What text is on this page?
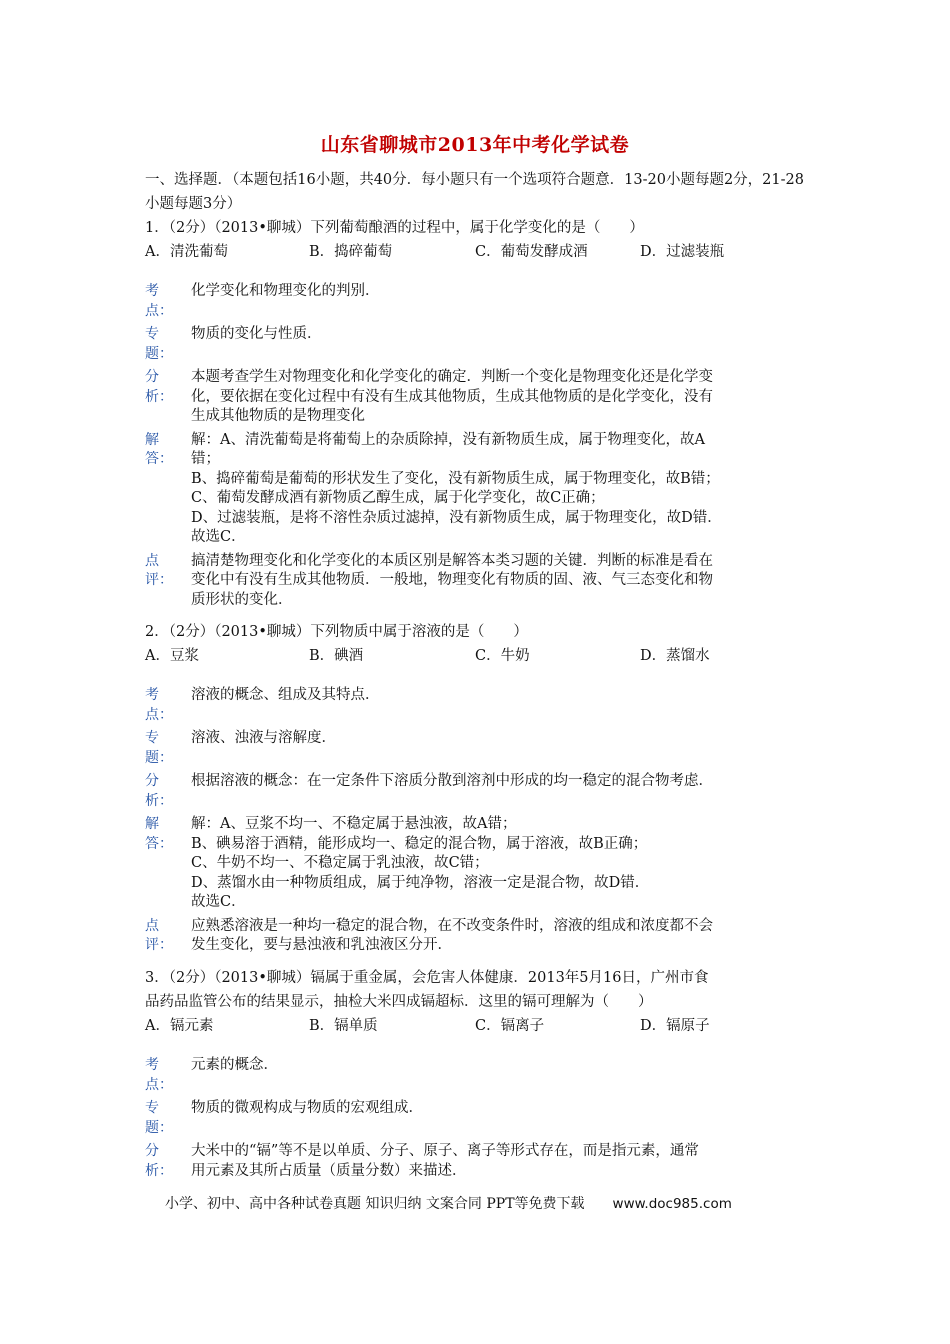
山东省聊城市2013年中考化学试卷
一、选择题．（本题包括16小题，共40分．每小题只有一个选项符合题意．13-20小题每题2分，21-28小题每题3分）
1．（2分）（2013•聊城）下列葡萄酿酒的过程中，属于化学变化的是（　　）
A．清洗葡萄	B．捣碎葡萄	C．葡萄发酵成酒	D．过滤装瓶
考点：
化学变化和物理变化的判别．
专题：
物质的变化与性质．
分析：
本题考查学生对物理变化和化学变化的确定．判断一个变化是物理变化还是化学变
化，要依据在变化过程中有没有生成其他物质，生成其他物质的是化学变化，没有
生成其他物质的是物理变化
解答：
解：A、清洗葡萄是将葡萄上的杂质除掉，没有新物质生成，属于物理变化，故A
错；
B、捣碎葡萄是葡萄的形状发生了变化，没有新物质生成，属于物理变化，故B错；
C、葡萄发酵成酒有新物质乙醇生成，属于化学变化，故C正确；
D、过滤装瓶，是将不溶性杂质过滤掉，没有新物质生成，属于物理变化，故D错．
故选C．
点评：
搞清楚物理变化和化学变化的本质区别是解答本类习题的关键．判断的标准是看在
变化中有没有生成其他物质．一般地，物理变化有物质的固、液、气三态变化和物
质形状的变化．
2．（2分）（2013•聊城）下列物质中属于溶液的是（　　）
A．豆浆	B．碘酒	C．牛奶	D．蒸馏水
考点：
溶液的概念、组成及其特点．
专题：
溶液、浊液与溶解度．
分析：
根据溶液的概念：在一定条件下溶质分散到溶剂中形成的均一稳定的混合物考虑．
解答：
解：A、豆浆不均一、不稳定属于悬浊液，故A错；
B、碘易溶于酒精，能形成均一、稳定的混合物，属于溶液，故B正确；
C、牛奶不均一、不稳定属于乳浊液，故C错；
D、蒸馏水由一种物质组成，属于纯净物，溶液一定是混合物，故D错．
故选C．
点评：
应熟悉溶液是一种均一稳定的混合物，在不改变条件时，溶液的组成和浓度都不会
发生变化，要与悬浊液和乳浊液区分开．
3．（2分）（2013•聊城）镉属于重金属，会危害人体健康．2013年5月16日，广州市食
品药品监管公布的结果显示，抽检大米四成镉超标．这里的镉可理解为（　　）
A．镉元素	B．镉单质	C．镉离子	D．镉原子
考点：
元素的概念．
专题：
物质的微观构成与物质的宏观组成．
分析：
大米中的“镉”等不是以单质、分子、原子、离子等形式存在，而是指元素，通常
用元素及其所占质量（质量分数）来描述．
小学、初中、高中各种试卷真题 知识归纳 文案合同 PPT等免费下载 www.doc985.com
